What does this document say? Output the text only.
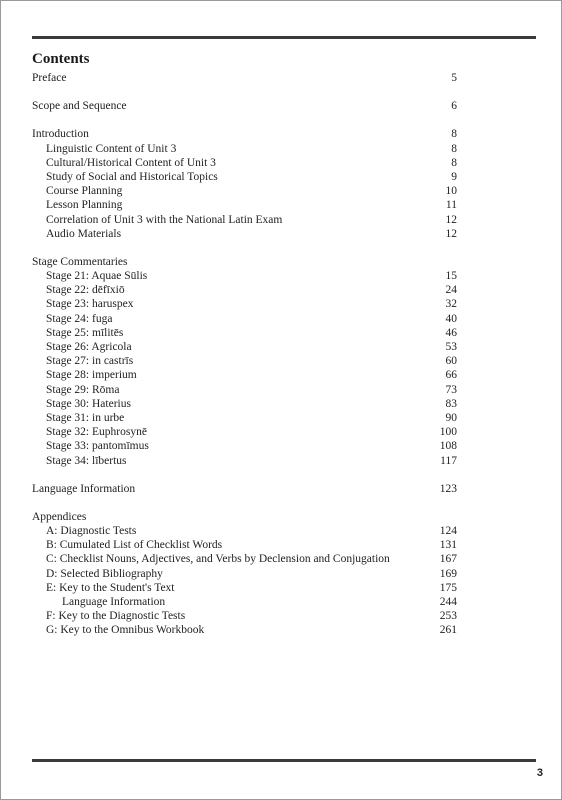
Contents
Preface	5
Scope and Sequence	6
Introduction	8
Linguistic Content of Unit 3	8
Cultural/Historical Content of Unit 3	8
Study of Social and Historical Topics	9
Course Planning	10
Lesson Planning	11
Correlation of Unit 3 with the National Latin Exam	12
Audio Materials	12
Stage Commentaries
Stage 21: Aquae Sūlis	15
Stage 22: dēfīxiō	24
Stage 23: haruspex	32
Stage 24: fuga	40
Stage 25: mīlitēs	46
Stage 26: Agricola	53
Stage 27: in castrīs	60
Stage 28: imperium	66
Stage 29: Rōma	73
Stage 30: Haterius	83
Stage 31: in urbe	90
Stage 32: Euphrosynē	100
Stage 33: pantomīmus	108
Stage 34: lībertus	117
Language Information	123
Appendices
A: Diagnostic Tests	124
B: Cumulated List of Checklist Words	131
C: Checklist Nouns, Adjectives, and Verbs by Declension and Conjugation	167
D: Selected Bibliography	169
E: Key to the Student's Text	175
Language Information	244
F: Key to the Diagnostic Tests	253
G: Key to the Omnibus Workbook	261
3
